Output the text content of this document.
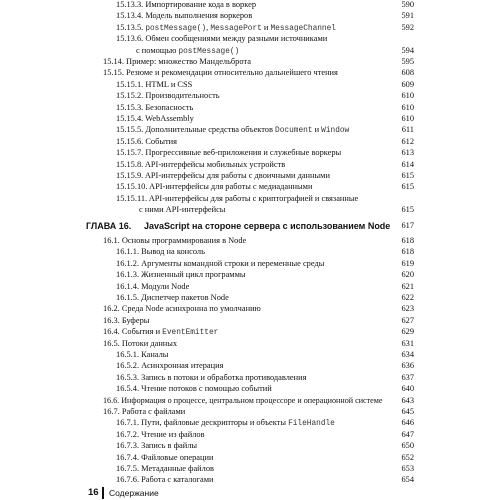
15.13.3. Импортирование кода в воркер	590
15.13.4. Модель выполнения воркеров	591
15.13.5. postMessage(), MessagePort и MessageChannel	592
15.13.6. Обмен сообщениями между разными источниками
с помощью postMessage()	594
15.14. Пример: множество Мандельброта	595
15.15. Резюме и рекомендации относительно дальнейшего чтения	608
15.15.1. HTML и CSS	609
15.15.2. Производительность	610
15.15.3. Безопасность	610
15.15.4. WebAssembly	610
15.15.5. Дополнительные средства объектов Document и Window	611
15.15.6. События	612
15.15.7. Прогрессивные веб-приложения и служебные воркеры	613
15.15.8. API-интерфейсы мобильных устройств	614
15.15.9. API-интерфейсы для работы с двоичными данными	615
15.15.10. API-интерфейсы для работы с медиаданными	615
15.15.11. API-интерфейсы для работы с криптографией и связанные
с ними API-интерфейсы	615
ГЛАВА 16. JavaScript на стороне сервера с использованием Node 617
16.1. Основы программирования в Node	618
16.1.1. Вывод на консоль	618
16.1.2. Аргументы командной строки и переменные среды	619
16.1.3. Жизненный цикл программы	620
16.1.4. Модули Node	621
16.1.5. Диспетчер пакетов Node	622
16.2. Среда Node асинхронна по умолчанию	623
16.3. Буферы	627
16.4. События и EventEmitter	629
16.5. Потоки данных	631
16.5.1. Каналы	634
16.5.2. Асинхронная итерация	636
16.5.3. Запись в потоки и обработка противодавления	637
16.5.4. Чтение потоков с помощью событий	640
16.6. Информация о процессе, центральном процессоре и операционной системе 643
16.7. Работа с файлами	645
16.7.1. Пути, файловые дескрипторы и объекты FileHandle	646
16.7.2. Чтение из файлов	647
16.7.3. Запись в файлы	650
16.7.4. Файловые операции	652
16.7.5. Метаданные файлов	653
16.7.6. Работа с каталогами	654
16 Содержание
